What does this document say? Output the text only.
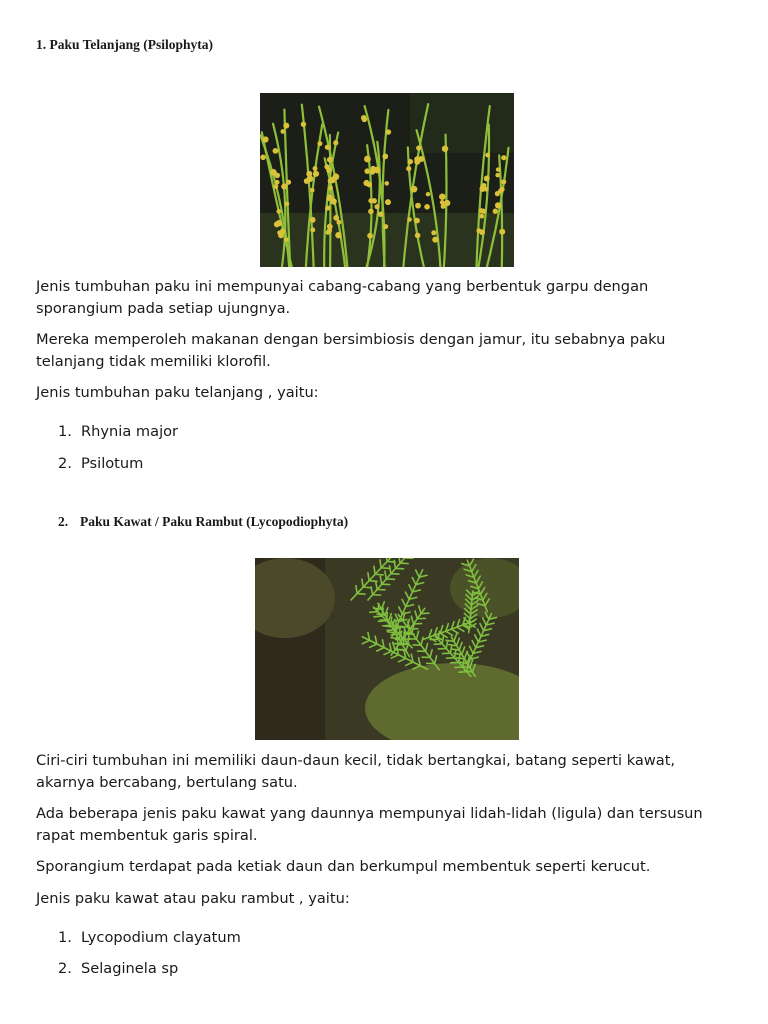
1. Paku Telanjang (Psilophyta)

Jenis tumbuhan paku ini mempunyai cabang-cabang yang berbentuk garpu dengan sporangium pada setiap ujungnya.

Mereka memperoleh makanan dengan bersimbiosis dengan jamur, itu sebabnya paku telanjang tidak memiliki klorofil.

Jenis tumbuhan paku telanjang , yaitu:

1. Rhynia major
2. Psilotum
2. Paku Kawat / Paku Rambut (Lycopodiophyta)

Ciri-ciri tumbuhan ini memiliki daun-daun kecil, tidak bertangkai, batang seperti kawat, akarnya bercabang, bertulang satu.

Ada beberapa jenis paku kawat yang daunnya mempunyai lidah-lidah (ligula) dan tersusun rapat membentuk garis spiral.

Sporangium terdapat pada ketiak daun dan berkumpul membentuk seperti kerucut.

Jenis paku kawat atau paku rambut , yaitu:

1. Lycopodium clayatum
2. Selaginela sp
